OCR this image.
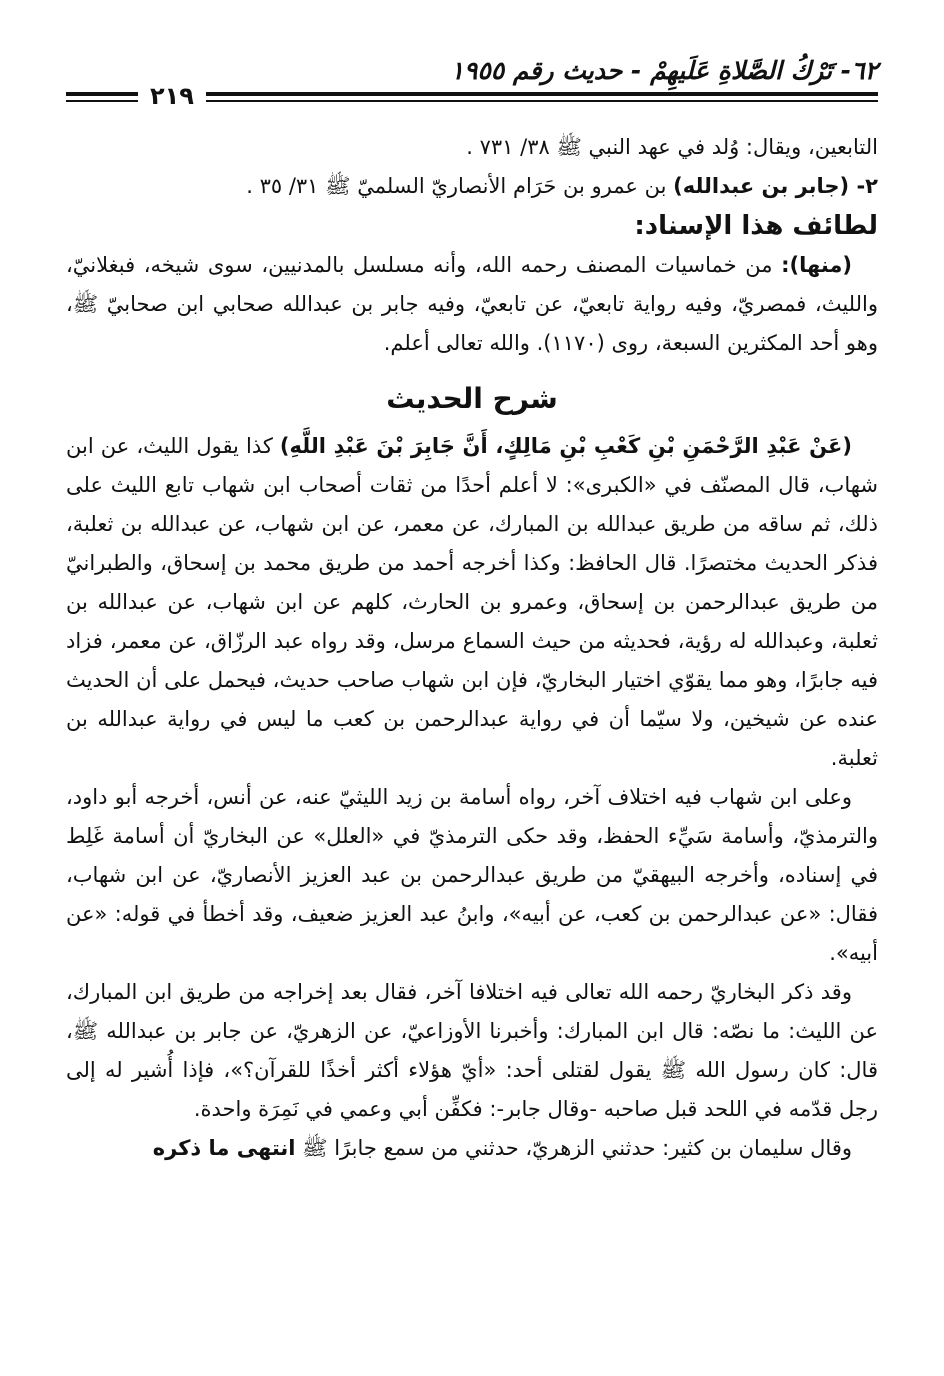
٦٢- تَرْكُ الصَّلاةِ عَلَيهِمْ - حديث رقم ١٩٥٥
٢١٩

التابعين، ويقال: وُلد في عهد النبي ﷺ ٣٨/ ٧٣١ .

٢- (جابر بن عبدالله) بن عمرو بن حَرَام الأنصاريّ السلميّ ﷺ ٣١/ ٣٥ .

لطائف هذا الإسناد:

(منها): من خماسيات المصنف رحمه الله، وأنه مسلسل بالمدنيين، سوى شيخه، فبغلانيّ، والليث، فمصريّ، وفيه رواية تابعيّ، عن تابعيّ، وفيه جابر بن عبدالله صحابي ابن صحابيّ ﷺ، وهو أحد المكثرين السبعة، روى (١١٧٠). والله تعالى أعلم.

شرح الحديث

(عَنْ عَبْدِ الرَّحْمَنِ بْنِ كَعْبِ بْنِ مَالِكٍ، أَنَّ جَابِرَ بْنَ عَبْدِ اللَّهِ) كذا يقول الليث، عن ابن شهاب، قال المصنّف في «الكبرى»: لا أعلم أحدًا من ثقات أصحاب ابن شهاب تابع الليث على ذلك، ثم ساقه من طريق عبدالله بن المبارك، عن معمر، عن ابن شهاب، عن عبدالله بن ثعلبة، فذكر الحديث مختصرًا. قال الحافظ: وكذا أخرجه أحمد من طريق محمد بن إسحاق، والطبرانيّ من طريق عبدالرحمن بن إسحاق، وعمرو بن الحارث، كلهم عن ابن شهاب، عن عبدالله بن ثعلبة، وعبدالله له رؤية، فحديثه من حيث السماع مرسل، وقد رواه عبد الرزّاق، عن معمر، فزاد فيه جابرًا، وهو مما يقوّي اختيار البخاريّ، فإن ابن شهاب صاحب حديث، فيحمل على أن الحديث عنده عن شيخين، ولا سيّما أن في رواية عبدالرحمن بن كعب ما ليس في رواية عبدالله بن ثعلبة.

وعلى ابن شهاب فيه اختلاف آخر، رواه أسامة بن زيد الليثيّ عنه، عن أنس، أخرجه أبو داود، والترمذيّ، وأسامة سَيِّء الحفظ، وقد حكى الترمذيّ في «العلل» عن البخاريّ أن أسامة غَلِط في إسناده، وأخرجه البيهقيّ من طريق عبدالرحمن بن عبد العزيز الأنصاريّ، عن ابن شهاب، فقال: «عن عبدالرحمن بن كعب، عن أبيه»، وابنُ عبد العزيز ضعيف، وقد أخطأ في قوله: «عن أبيه».

وقد ذكر البخاريّ رحمه الله تعالى فيه اختلافا آخر، فقال بعد إخراجه من طريق ابن المبارك، عن الليث: ما نصّه: قال ابن المبارك: وأخبرنا الأوزاعيّ، عن الزهريّ، عن جابر بن عبدالله ﷺ، قال: كان رسول الله ﷺ يقول لقتلى أحد: «أيّ هؤلاء أكثر أخذًا للقرآن؟»، فإذا أُشير له إلى رجل قدّمه في اللحد قبل صاحبه -وقال جابر-: فكفِّن أبي وعمي في نَمِرَة واحدة.

وقال سليمان بن كثير: حدثني الزهريّ، حدثني من سمع جابرًا ﷺ انتهى ما ذكره
